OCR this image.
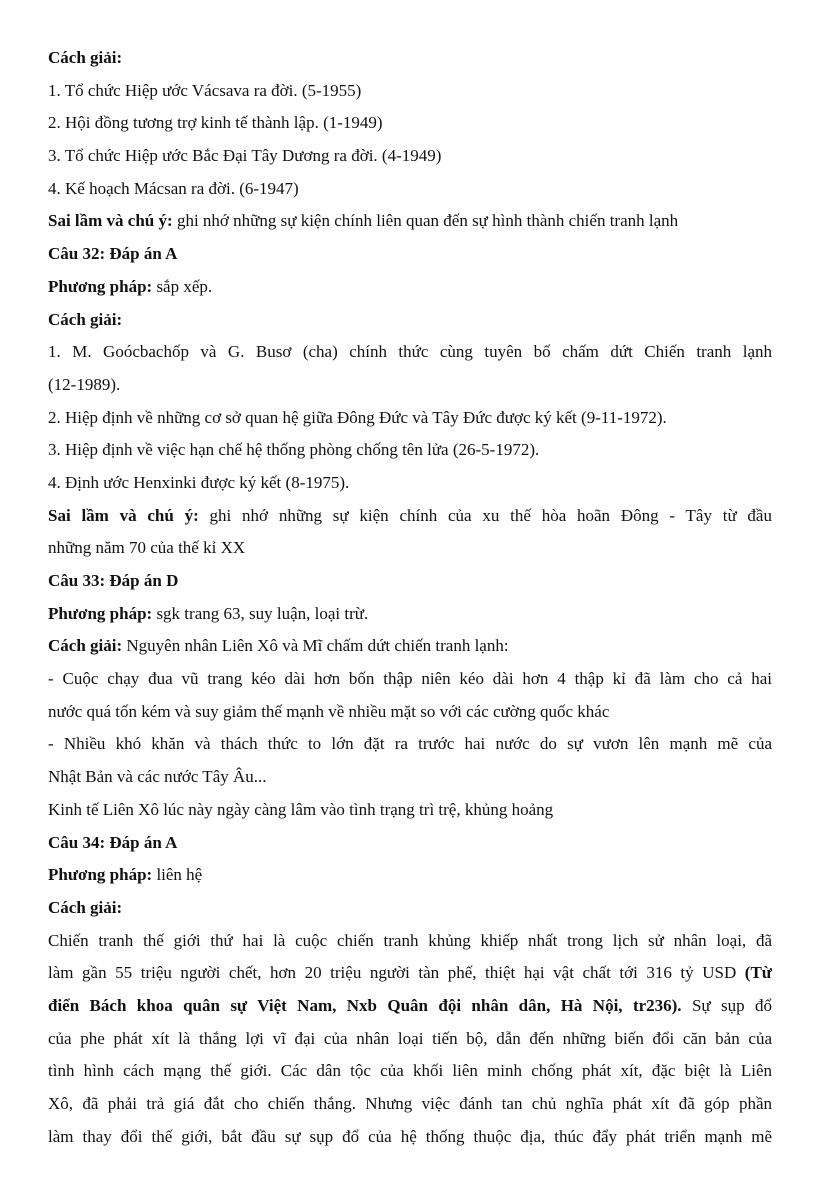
Cách giải:
1. Tổ chức Hiệp ước Vácsava ra đời. (5-1955)
2. Hội đồng tương trợ kinh tế thành lập. (1-1949)
3. Tổ chức Hiệp ước Bắc Đại Tây Dương ra đời. (4-1949)
4. Kế hoạch Mácsan ra đời. (6-1947)
Sai lầm và chú ý: ghi nhớ những sự kiện chính liên quan đến sự hình thành chiến tranh lạnh
Câu 32: Đáp án A
Phương pháp: sắp xếp.
Cách giải:
1. M. Goócbachốp và G. Busơ (cha) chính thức cùng tuyên bố chấm dứt Chiến tranh lạnh
(12-1989).
2. Hiệp định về những cơ sở quan hệ giữa Đông Đức và Tây Đức được ký kết (9-11-1972).
3. Hiệp định về việc hạn chế hệ thống phòng chống tên lửa (26-5-1972).
4. Định ước Henxinki được ký kết (8-1975).
Sai lầm và chú ý: ghi nhớ những sự kiện chính của xu thế hòa hoãn Đông - Tây từ đầu
những năm 70 của thế kỉ XX
Câu 33: Đáp án D
Phương pháp: sgk trang 63, suy luận, loại trừ.
Cách giải: Nguyên nhân Liên Xô và Mĩ chấm dứt chiến tranh lạnh:
- Cuộc chạy đua vũ trang kéo dài hơn bốn thập niên kéo dài hơn 4 thập kỉ đã làm cho cả hai
nước quá tốn kém và suy giảm thế mạnh về nhiều mặt so với các cường quốc khác
- Nhiều khó khăn và thách thức to lớn đặt ra trước hai nước do sự vươn lên mạnh mẽ của
Nhật Bản và các nước Tây Âu...
Kinh tế Liên Xô lúc này ngày càng lâm vào tình trạng trì trệ, khủng hoảng
Câu 34: Đáp án A
Phương pháp: liên hệ
Cách giải:
Chiến tranh thế giới thứ hai là cuộc chiến tranh khủng khiếp nhất trong lịch sử nhân loại, đã
làm gần 55 triệu người chết, hơn 20 triệu người tàn phế, thiệt hại vật chất tới 316 tỷ USD (Từ
điển Bách khoa quân sự Việt Nam, Nxb Quân đội nhân dân, Hà Nội, tr236). Sự sụp đổ
của phe phát xít là thắng lợi vĩ đại của nhân loại tiến bộ, dẫn đến những biến đổi căn bản của
tình hình cách mạng thế giới. Các dân tộc của khối liên minh chống phát xít, đặc biệt là Liên
Xô, đã phải trả giá đắt cho chiến thắng. Nhưng việc đánh tan chủ nghĩa phát xít đã góp phần
làm thay đổi thế giới, bắt đầu sự sụp đổ của hệ thống thuộc địa, thúc đẩy phát triển mạnh mẽ
